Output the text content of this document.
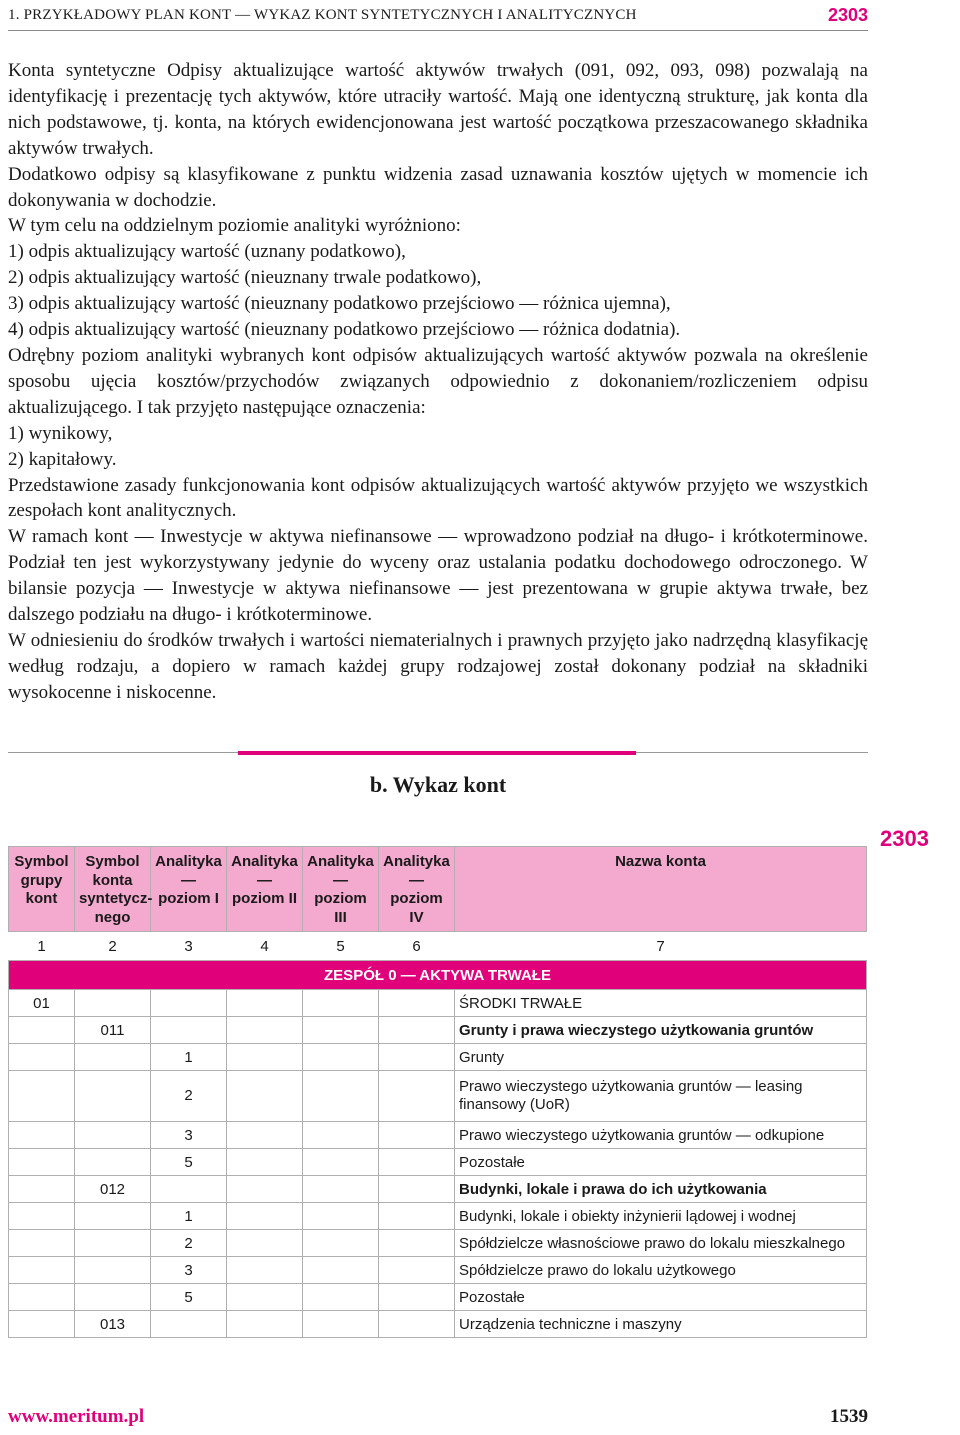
1. PRZYKŁADOWY PLAN KONT — WYKAZ KONT SYNTETYCZNYCH I ANALITYCZNYCH	2303

Konta syntetyczne Odpisy aktualizujące wartość aktywów trwałych (091, 092, 093, 098) pozwalają na identyfikację i prezentację tych aktywów, które utraciły wartość. Mają one identyczną strukturę, jak konta dla nich podstawowe, tj. konta, na których ewidencjonowana jest wartość początkowa przeszacowanego składnika aktywów trwałych.

Dodatkowo odpisy są klasyfikowane z punktu widzenia zasad uznawania kosztów ujętych w momencie ich dokonywania w dochodzie.

W tym celu na oddzielnym poziomie analityki wyróżniono:

1) odpis aktualizujący wartość (uznany podatkowo),

2) odpis aktualizujący wartość (nieuznany trwale podatkowo),

3) odpis aktualizujący wartość (nieuznany podatkowo przejściowo — różnica ujemna),

4) odpis aktualizujący wartość (nieuznany podatkowo przejściowo — różnica dodatnia).

Odrębny poziom analityki wybranych kont odpisów aktualizujących wartość aktywów pozwala na określenie sposobu ujęcia kosztów/przychodów związanych odpowiednio z dokonaniem/rozliczeniem odpisu aktualizującego. I tak przyjęto następujące oznaczenia:

1) wynikowy,

2) kapitałowy.

Przedstawione zasady funkcjonowania kont odpisów aktualizujących wartość aktywów przyjęto we wszystkich zespołach kont analitycznych.

W ramach kont — Inwestycje w aktywa niefinansowe — wprowadzono podział na długo- i krótkoterminowe. Podział ten jest wykorzystywany jedynie do wyceny oraz ustalania podatku dochodowego odroczonego. W bilansie pozycja — Inwestycje w aktywa niefinansowe — jest prezentowana w grupie aktywa trwałe, bez dalszego podziału na długo- i krótkoterminowe.

W odniesieniu do środków trwałych i wartości niematerialnych i prawnych przyjęto jako nadrzędną klasyfikację według rodzaju, a dopiero w ramach każdej grupy rodzajowej został dokonany podział na składniki wysokocenne i niskocenne.

b. Wykaz kont
2303
Symbol grupy kont	Symbol konta syntetycznego	Analityka — poziom I	Analityka — poziom II	Analityka — poziom III	Analityka — poziom IV	Nazwa konta
1	2	3	4	5	6	7
ZESPÓŁ 0 — AKTYWA TRWAŁE						
01						ŚRODKI TRWAŁE
	011					Grunty i prawa wieczystego użytkowania gruntów
		1				Grunty
		2				Prawo wieczystego użytkowania gruntów — leasing finansowy (UoR)
		3				Prawo wieczystego użytkowania gruntów — odkupione
		5				Pozostałe
	012					Budynki, lokale i prawa do ich użytkowania
		1				Budynki, lokale i obiekty inżynierii lądowej i wodnej
		2				Spółdzielcze własnościowe prawo do lokalu mieszkalnego
		3				Spółdzielcze prawo do lokalu użytkowego
		5				Pozostałe
	013					Urządzenia techniczne i maszyny
www.meritum.pl	1539
